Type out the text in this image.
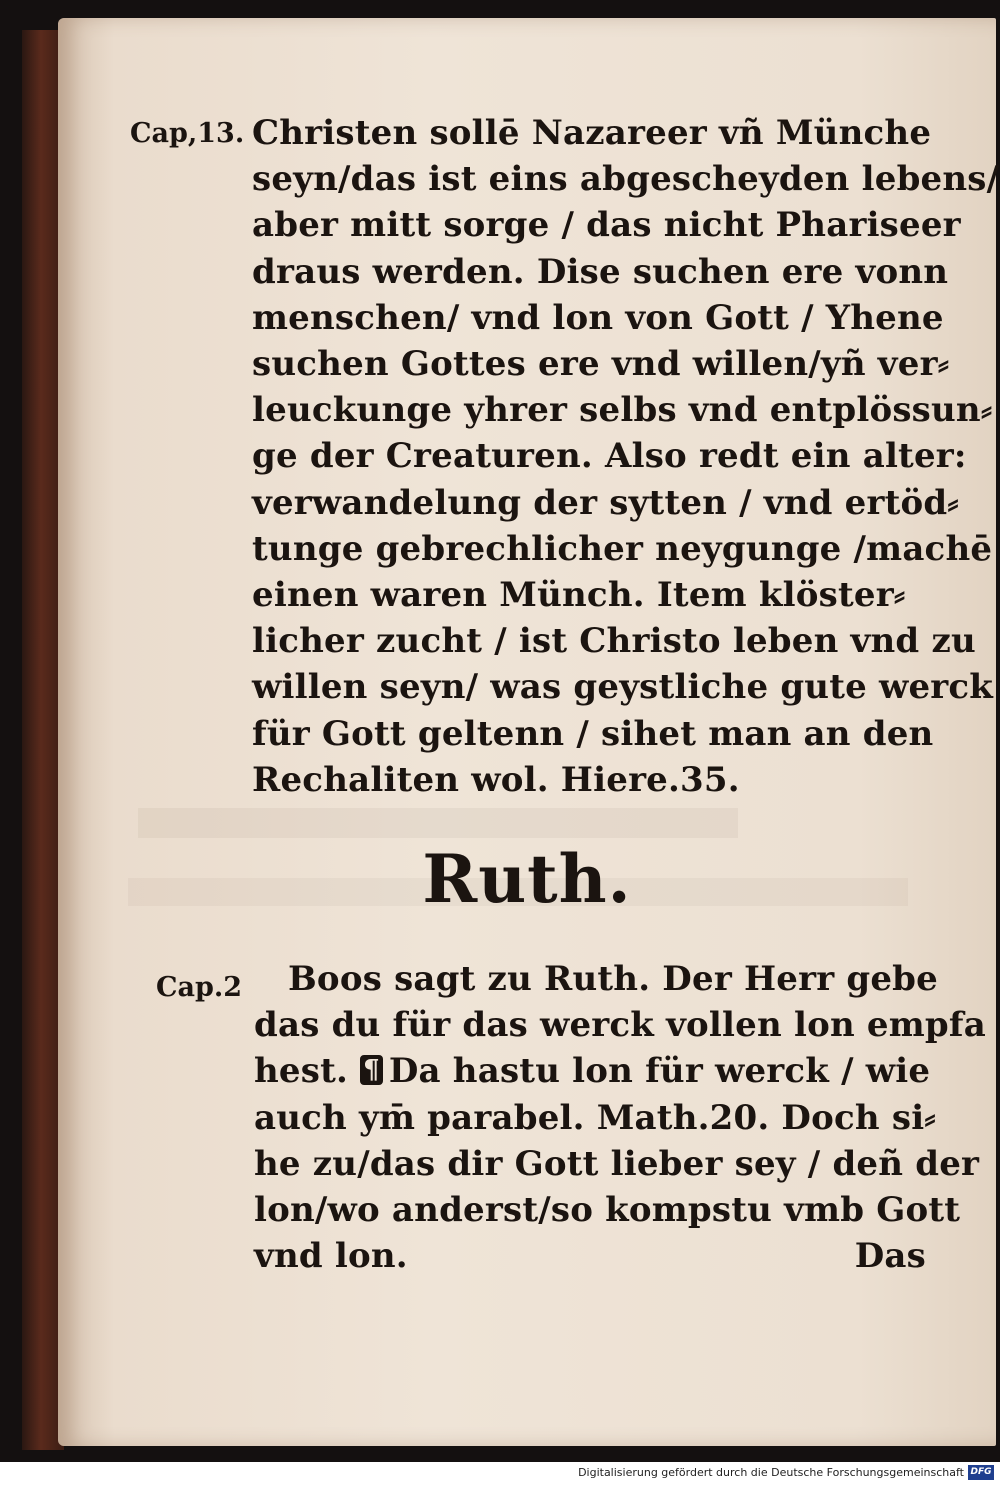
Cap,13. Christen sollē Nazareer vñ Münche
seyn/das ist eins abgescheyden lebens/
aber mitt sorge / das nicht Phariseer
draus werden. Dise suchen ere vonn
menschen/ vnd lon von Gott / Yhene
suchen Gottes ere vnd willen/yñ ver⸗
leuckunge yhrer selbs vnd entplössun⸗
ge der Creaturen. Also redt ein alter:
verwandelung der sytten / vnd ertöd⸗
tunge gebrechlicher neygunge /machē
einen waren Münch. Item klöster⸗
licher zucht / ist Christo leben vnd zu
willen seyn/ was geystliche gute werck
für Gott geltenn / sihet man an den
Rechaliten wol. Hiere.35.
Ruth.
Cap.2	Boos sagt zu Ruth. Der Herr gebe
das du für das werck vollen lon empfa
hest. ¶ Da hastu lon für werck / wie
auch ym̄ parabel. Math.20. Doch si⸗
he zu/das dir Gott lieber sey / deñ der
lon/wo anderst/so kompstu vmb Gott
vnd lon.	Das
Digitalisierung gefördert durch die Deutsche Forschungsgemeinschaft DFG
